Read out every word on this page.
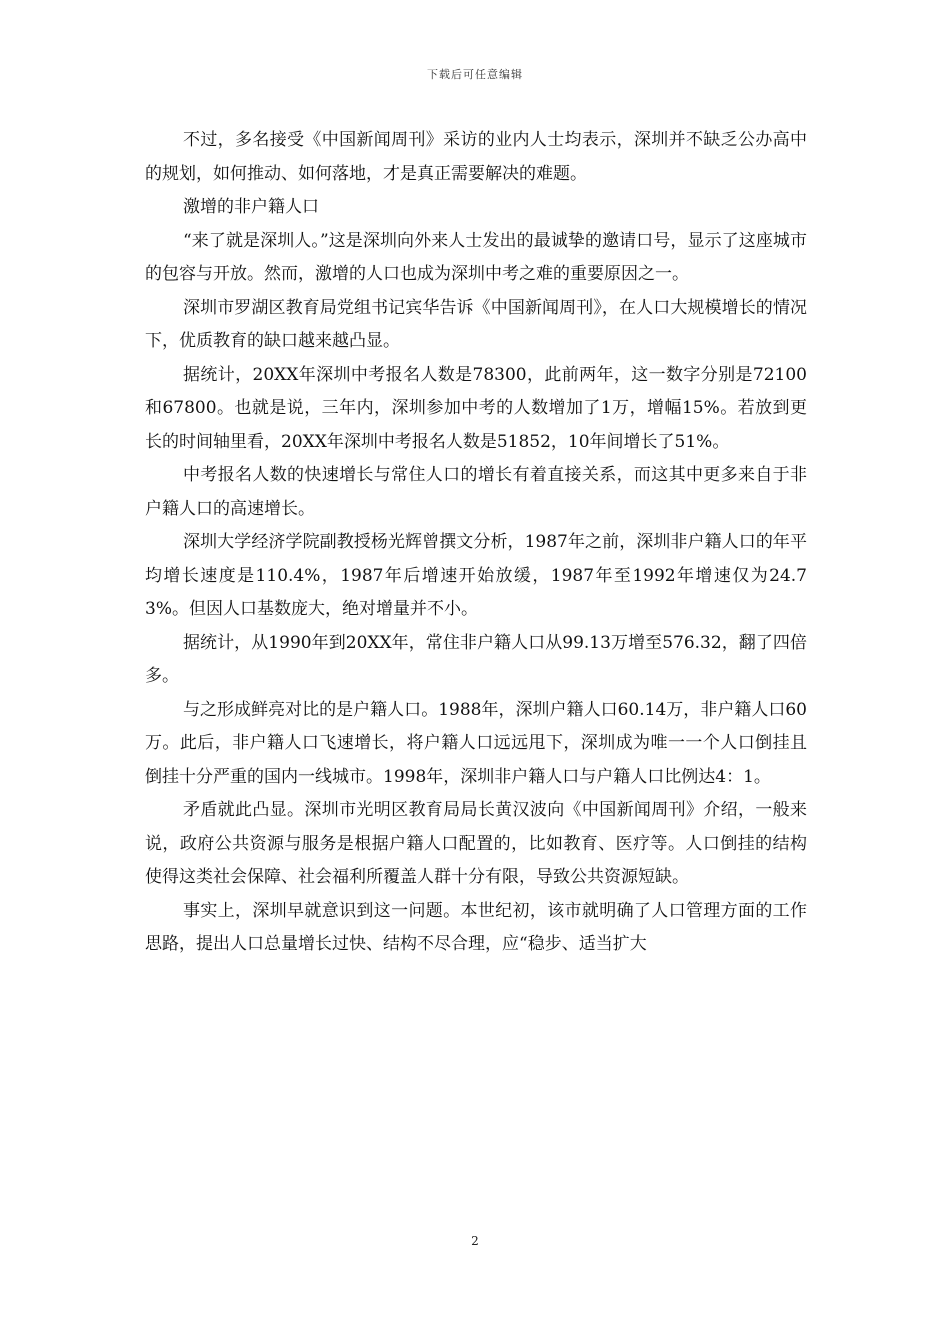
下载后可任意编辑

不过，多名接受《中国新闻周刊》采访的业内人士均表示，深圳并不缺乏公办高中的规划，如何推动、如何落地，才是真正需要解决的难题。

激增的非户籍人口

“来了就是深圳人。”这是深圳向外来人士发出的最诚挚的邀请口号，显示了这座城市的包容与开放。然而，激增的人口也成为深圳中考之难的重要原因之一。

深圳市罗湖区教育局党组书记宾华告诉《中国新闻周刊》，在人口大规模增长的情况下，优质教育的缺口越来越凸显。

据统计，20XX年深圳中考报名人数是78300，此前两年，这一数字分别是72100和67800。也就是说，三年内，深圳参加中考的人数增加了1万，增幅15%。若放到更长的时间轴里看，20XX年深圳中考报名人数是51852，10年间增长了51%。

中考报名人数的快速增长与常住人口的增长有着直接关系，而这其中更多来自于非户籍人口的高速增长。

深圳大学经济学院副教授杨光辉曾撰文分析，1987年之前，深圳非户籍人口的年平均增长速度是110.4%，1987年后增速开始放缓，1987年至1992年增速仅为24.73%。但因人口基数庞大，绝对增量并不小。

据统计，从1990年到20XX年，常住非户籍人口从99.13万增至576.32，翻了四倍多。

与之形成鲜亮对比的是户籍人口。1988年，深圳户籍人口60.14万，非户籍人口60万。此后，非户籍人口飞速增长，将户籍人口远远甩下，深圳成为唯一一个人口倒挂且倒挂十分严重的国内一线城市。1998年，深圳非户籍人口与户籍人口比例达4：1。

矛盾就此凸显。深圳市光明区教育局局长黄汉波向《中国新闻周刊》介绍，一般来说，政府公共资源与服务是根据户籍人口配置的，比如教育、医疗等。人口倒挂的结构使得这类社会保障、社会福利所覆盖人群十分有限，导致公共资源短缺。

事实上，深圳早就意识到这一问题。本世纪初，该市就明确了人口管理方面的工作思路，提出人口总量增长过快、结构不尽合理，应“稳步、适当扩大

2
